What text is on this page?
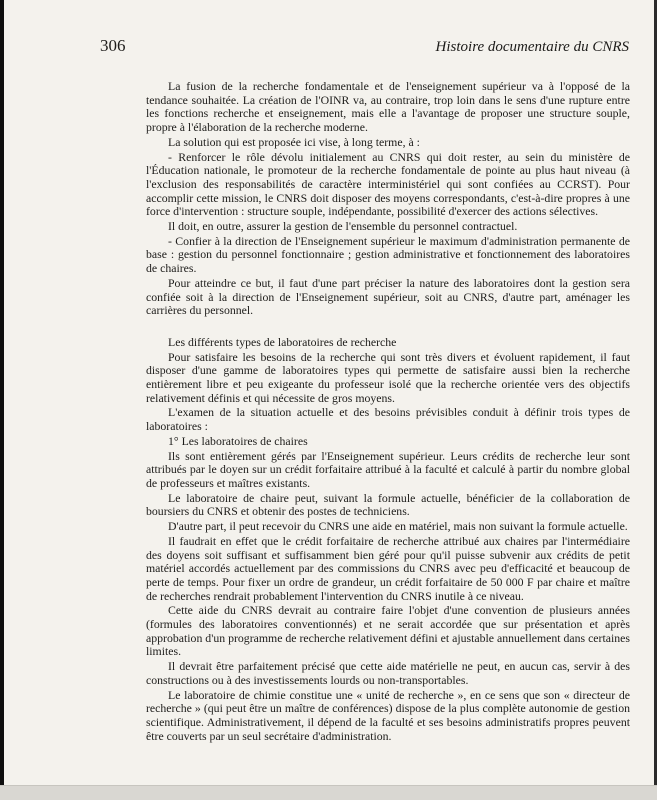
306	Histoire documentaire du CNRS

La fusion de la recherche fondamentale et de l'enseignement supérieur va à l'opposé de la tendance souhaitée. La création de l'OINR va, au contraire, trop loin dans le sens d'une rupture entre les fonctions recherche et enseignement, mais elle a l'avantage de proposer une structure souple, propre à l'élaboration de la recherche moderne.

La solution qui est proposée ici vise, à long terme, à :

- Renforcer le rôle dévolu initialement au CNRS qui doit rester, au sein du ministère de l'Éducation nationale, le promoteur de la recherche fondamentale de pointe au plus haut niveau (à l'exclusion des responsabilités de caractère interministériel qui sont confiées au CCRST). Pour accomplir cette mission, le CNRS doit disposer des moyens correspondants, c'est-à-dire propres à une force d'intervention : structure souple, indépendante, possibilité d'exercer des actions sélectives.

Il doit, en outre, assurer la gestion de l'ensemble du personnel contractuel.

- Confier à la direction de l'Enseignement supérieur le maximum d'administration permanente de base : gestion du personnel fonctionnaire ; gestion administrative et fonctionnement des laboratoires de chaires.

Pour atteindre ce but, il faut d'une part préciser la nature des laboratoires dont la gestion sera confiée soit à la direction de l'Enseignement supérieur, soit au CNRS, d'autre part, aménager les carrières du personnel.

Les différents types de laboratoires de recherche

Pour satisfaire les besoins de la recherche qui sont très divers et évoluent rapidement, il faut disposer d'une gamme de laboratoires types qui permette de satisfaire aussi bien la recherche entièrement libre et peu exigeante du professeur isolé que la recherche orientée vers des objectifs relativement définis et qui nécessite de gros moyens.

L'examen de la situation actuelle et des besoins prévisibles conduit à définir trois types de laboratoires :

1° Les laboratoires de chaires

Ils sont entièrement gérés par l'Enseignement supérieur. Leurs crédits de recherche leur sont attribués par le doyen sur un crédit forfaitaire attribué à la faculté et calculé à partir du nombre global de professeurs et maîtres existants.

Le laboratoire de chaire peut, suivant la formule actuelle, bénéficier de la collaboration de boursiers du CNRS et obtenir des postes de techniciens.

D'autre part, il peut recevoir du CNRS une aide en matériel, mais non suivant la formule actuelle.

Il faudrait en effet que le crédit forfaitaire de recherche attribué aux chaires par l'intermédiaire des doyens soit suffisant et suffisamment bien géré pour qu'il puisse subvenir aux crédits de petit matériel accordés actuellement par des commissions du CNRS avec peu d'efficacité et beaucoup de perte de temps. Pour fixer un ordre de grandeur, un crédit forfaitaire de 50 000 F par chaire et maître de recherches rendrait probablement l'intervention du CNRS inutile à ce niveau.

Cette aide du CNRS devrait au contraire faire l'objet d'une convention de plusieurs années (formules des laboratoires conventionnés) et ne serait accordée que sur présentation et après approbation d'un programme de recherche relativement défini et ajustable annuellement dans certaines limites.

Il devrait être parfaitement précisé que cette aide matérielle ne peut, en aucun cas, servir à des constructions ou à des investissements lourds ou non-transportables.

Le laboratoire de chimie constitue une « unité de recherche », en ce sens que son « directeur de recherche » (qui peut être un maître de conférences) dispose de la plus complète autonomie de gestion scientifique. Administrativement, il dépend de la faculté et ses besoins administratifs propres peuvent être couverts par un seul secrétaire d'administration.
